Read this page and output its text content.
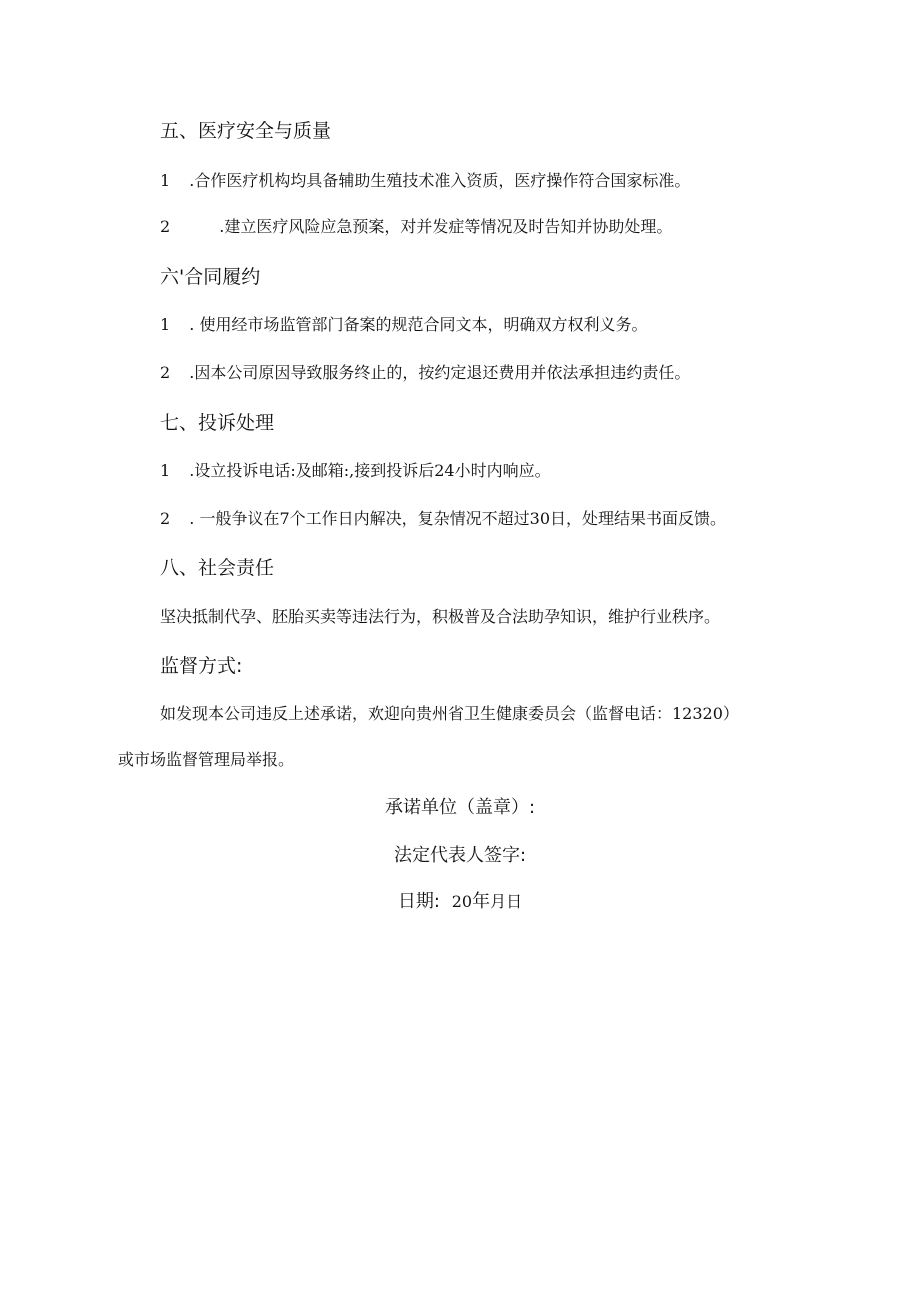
五、医疗安全与质量

1 .合作医疗机构均具备辅助生殖技术准入资质，医疗操作符合国家标准。

2	.建立医疗风险应急预案，对并发症等情况及时告知并协助处理。

六'合同履约

1 . 使用经市场监管部门备案的规范合同文本，明确双方权利义务。

2 .因本公司原因导致服务终止的，按约定退还费用并依法承担违约责任。

七、投诉处理

1 .设立投诉电话:及邮箱:,接到投诉后24小时内响应。

2 . 一般争议在7个工作日内解决，复杂情况不超过30日，处理结果书面反馈。

八、社会责任

坚决抵制代孕、胚胎买卖等违法行为，积极普及合法助孕知识，维护行业秩序。

监督方式:

如发现本公司违反上述承诺，欢迎向贵州省卫生健康委员会（监督电话：12320）

或市场监督管理局举报。

承诺单位（盖章）:

法定代表人签字:

日期: 20年月日
